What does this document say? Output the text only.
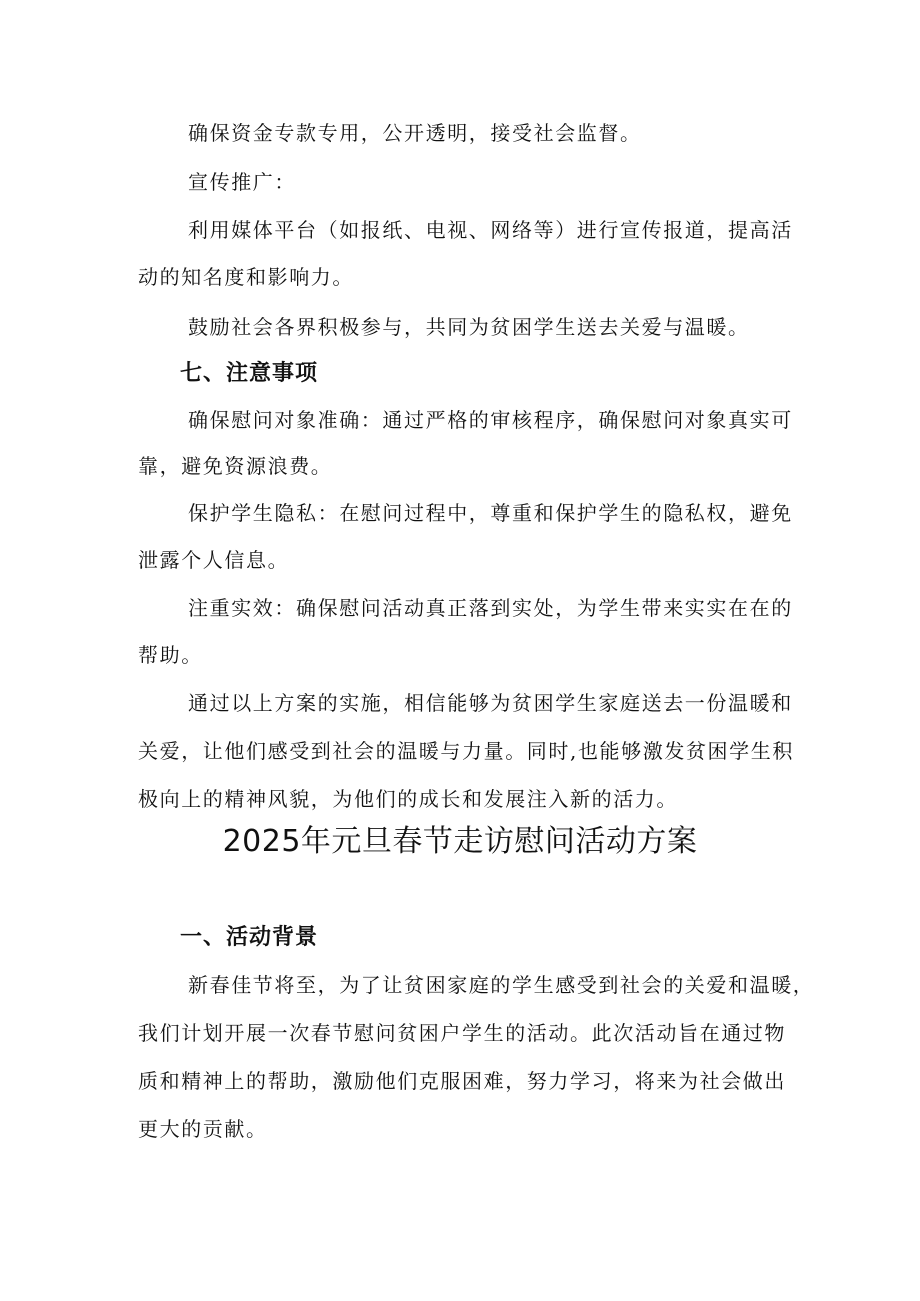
确保资金专款专用，公开透明，接受社会监督。
宣传推广：
利用媒体平台（如报纸、电视、网络等）进行宣传报道，提高活
动的知名度和影响力。
鼓励社会各界积极参与，共同为贫困学生送去关爱与温暖。
七、注意事项
确保慰问对象准确：通过严格的审核程序，确保慰问对象真实可
靠，避免资源浪费。
保护学生隐私：在慰问过程中，尊重和保护学生的隐私权，避免
泄露个人信息。
注重实效：确保慰问活动真正落到实处，为学生带来实实在在的
帮助。
通过以上方案的实施，相信能够为贫困学生家庭送去一份温暖和
关爱，让他们感受到社会的温暖与力量。同时,也能够激发贫困学生积
极向上的精神风貌，为他们的成长和发展注入新的活力。
2025年元旦春节走访慰问活动方案
一、活动背景
新春佳节将至，为了让贫困家庭的学生感受到社会的关爱和温暖，
我们计划开展一次春节慰问贫困户学生的活动。此次活动旨在通过物
质和精神上的帮助，激励他们克服困难，努力学习，将来为社会做出
更大的贡献。
